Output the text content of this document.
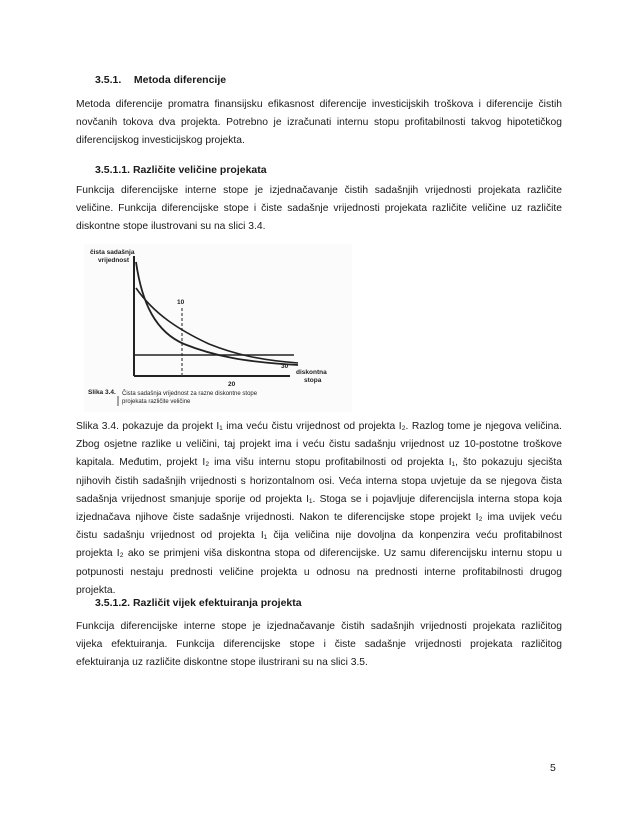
3.5.1. Metoda diferencije
Metoda diferencije promatra finansijsku efikasnost diferencije investicijskih troškova i diferencije čistih
novčanih tokova dva projekta. Potrebno je izračunati internu stopu profitabilnosti takvog hipotetičkog
diferencijskog investicijskog projekta.
3.5.1.1. Različite veličine projekata
Funkcija diferencijske interne stope je izjednačavanje čistih sadašnjih vrijednosti projekata različite
veličine. Funkcija diferencijske stope i čiste sadašnje vrijednosti projekata različite veličine uz različite
diskontne stope ilustrovani su na slici 3.4.
čista sadašnja
vrijednost
10
20
30
diskontna
stopa
Slika 3.4. Čista sadašnja vrijednost za razne diskontne stope
projekata različite veličine
Slika 3.4. pokazuje da projekt I₁ ima veću čistu vrijednost od projekta I₂. Razlog tome je njegova veličina.
Zbog osjetne razlike u veličini, taj projekt ima i veću čistu sadašnju vrijednost uz 10-postotne troškove
kapitala. Međutim, projekt I₂ ima višu internu stopu profitabilnosti od projekta I₁, što pokazuju sjecišta
njihovih čistih sadašnjih vrijednosti s horizontalnom osi. Veća interna stopa uvjetuje da se njegova čista
sadašnja vrijednost smanjuje sporije od projekta I₁. Stoga se i pojavljuje diferencijsla interna stopa koja
izjednačava njihove čiste sadašnje vrijednosti. Nakon te diferencijske stope projekt I₂ ima uvijek veću
čistu sadašnju vrijednost od projekta I₁ čija veličina nije dovoljna da konpenzira veću profitabilnost
projekta I₂ ako se primjeni viša diskontna stopa od diferencijske. Uz samu diferencijsku internu stopu u
potpunosti nestaju prednosti veličine projekta u odnosu na prednosti interne profitabilnosti drugog
projekta.
3.5.1.2. Različit vijek efektuiranja projekta
Funkcija diferencijske interne stope je izjednačavanje čistih sadašnjih vrijednosti projekata različitog
vijeka efektuiranja. Funkcija diferencijske stope i čiste sadašnje vrijednosti projekata različitog
efektuiranja uz različite diskontne stope ilustrirani su na slici 3.5.
5
